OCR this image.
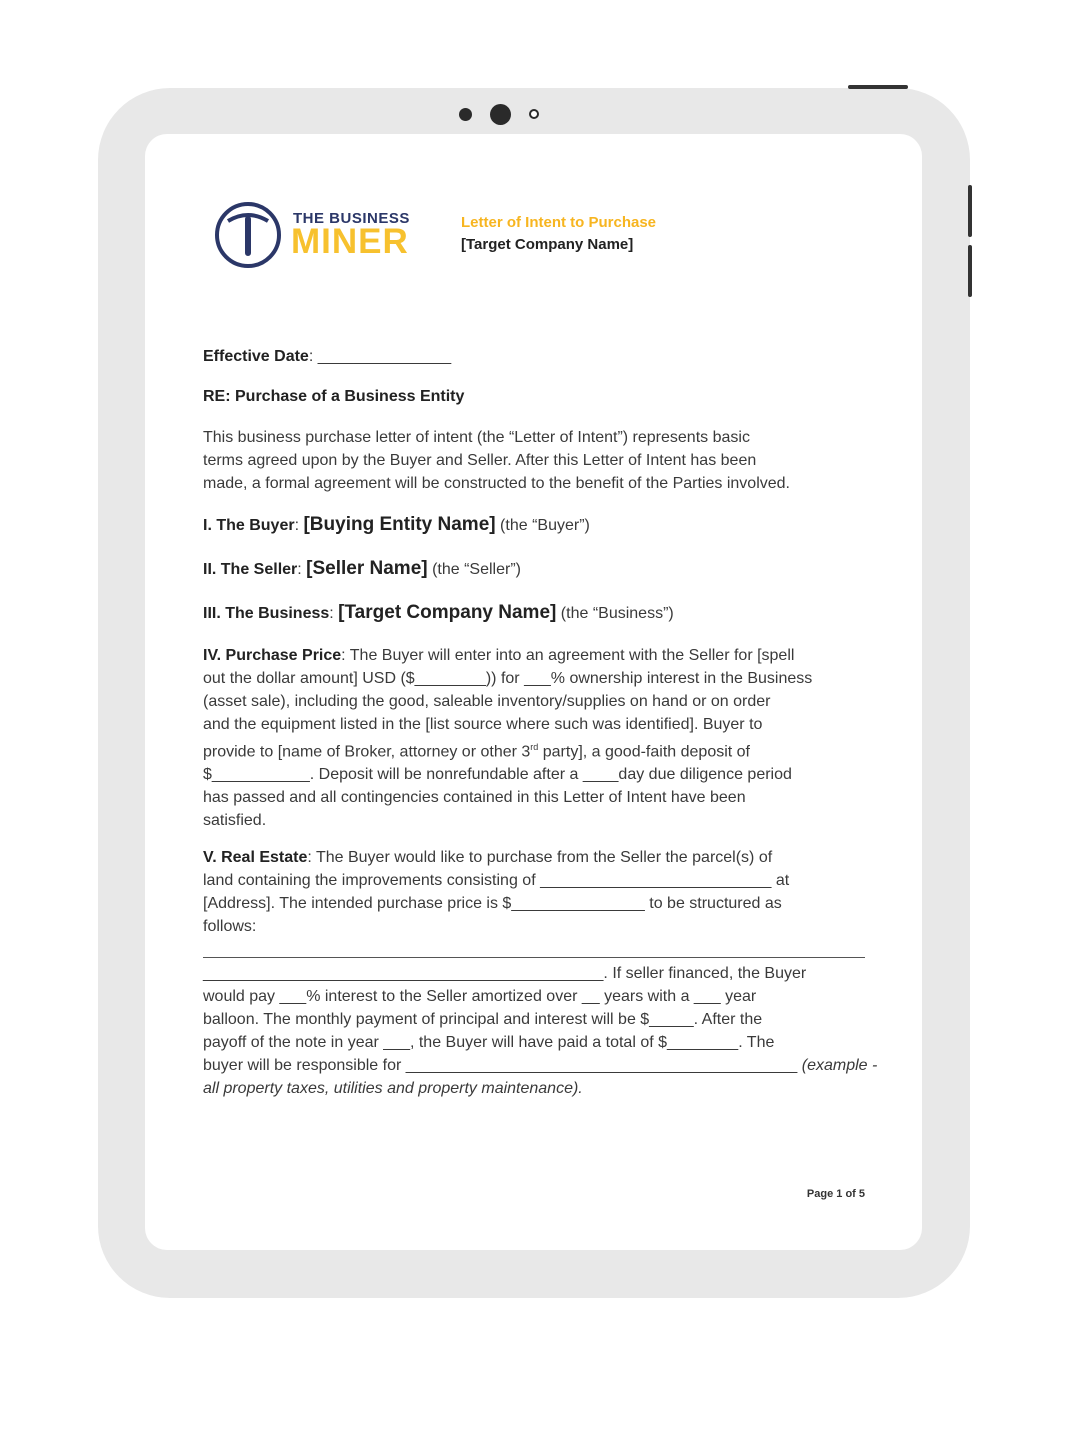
THE BUSINESS
MINER	Letter of Intent to Purchase
[Target Company Name]
Effective Date: _______________
RE: Purchase of a Business Entity
This business purchase letter of intent (the “Letter of Intent”) represents basic
terms agreed upon by the Buyer and Seller. After this Letter of Intent has been
made, a formal agreement will be constructed to the benefit of the Parties involved.
I. The Buyer: [Buying Entity Name] (the “Buyer”)
II. The Seller: [Seller Name] (the “Seller”)
III. The Business: [Target Company Name] (the “Business”)
IV. Purchase Price: The Buyer will enter into an agreement with the Seller for [spell
out the dollar amount] USD ($________)) for ___% ownership interest in the Business
(asset sale), including the good, saleable inventory/supplies on hand or on order
and the equipment listed in the [list source where such was identified]. Buyer to
provide to [name of Broker, attorney or other 3rd party], a good-faith deposit of
$___________. Deposit will be nonrefundable after a ____day due diligence period
has passed and all contingencies contained in this Letter of Intent have been
satisfied.
V. Real Estate: The Buyer would like to purchase from the Seller the parcel(s) of
land containing the improvements consisting of __________________________ at
[Address]. The intended purchase price is $_______________ to be structured as
follows:
_____________________________________________. If seller financed, the Buyer
would pay ___% interest to the Seller amortized over __ years with a ___ year
balloon. The monthly payment of principal and interest will be $_____. After the
payoff of the note in year ___, the Buyer will have paid a total of $________. The
buyer will be responsible for ____________________________________________ (example -
all property taxes, utilities and property maintenance).
Page 1 of 5
